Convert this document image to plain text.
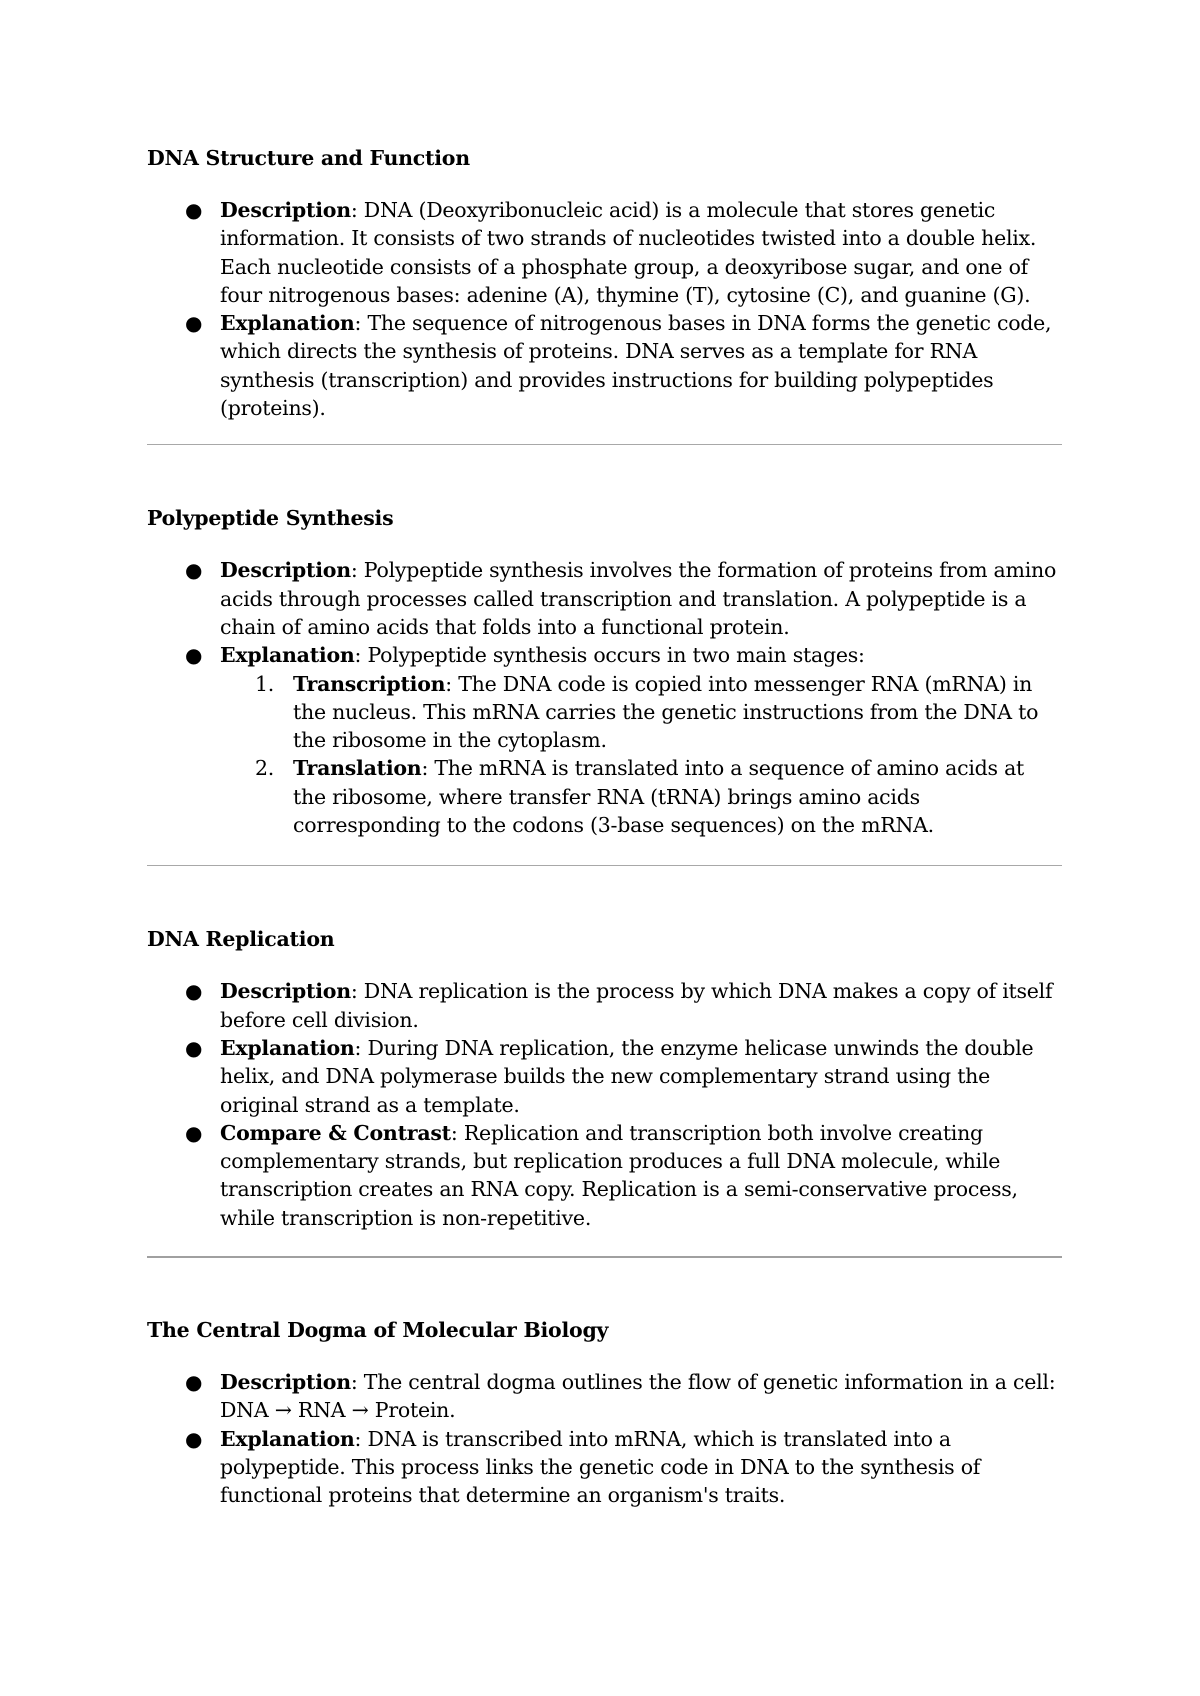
DNA Structure and Function
● Description: DNA (Deoxyribonucleic acid) is a molecule that stores genetic information. It consists of two strands of nucleotides twisted into a double helix. Each nucleotide consists of a phosphate group, a deoxyribose sugar, and one of four nitrogenous bases: adenine (A), thymine (T), cytosine (C), and guanine (G).
● Explanation: The sequence of nitrogenous bases in DNA forms the genetic code, which directs the synthesis of proteins. DNA serves as a template for RNA synthesis (transcription) and provides instructions for building polypeptides (proteins).
Polypeptide Synthesis
● Description: Polypeptide synthesis involves the formation of proteins from amino acids through processes called transcription and translation. A polypeptide is a chain of amino acids that folds into a functional protein.
● Explanation: Polypeptide synthesis occurs in two main stages:
1. Transcription: The DNA code is copied into messenger RNA (mRNA) in the nucleus. This mRNA carries the genetic instructions from the DNA to the ribosome in the cytoplasm.
2. Translation: The mRNA is translated into a sequence of amino acids at the ribosome, where transfer RNA (tRNA) brings amino acids corresponding to the codons (3-base sequences) on the mRNA.
DNA Replication
● Description: DNA replication is the process by which DNA makes a copy of itself before cell division.
● Explanation: During DNA replication, the enzyme helicase unwinds the double helix, and DNA polymerase builds the new complementary strand using the original strand as a template.
● Compare & Contrast: Replication and transcription both involve creating complementary strands, but replication produces a full DNA molecule, while transcription creates an RNA copy. Replication is a semi-conservative process, while transcription is non-repetitive.
The Central Dogma of Molecular Biology
● Description: The central dogma outlines the flow of genetic information in a cell: DNA → RNA → Protein.
● Explanation: DNA is transcribed into mRNA, which is translated into a polypeptide. This process links the genetic code in DNA to the synthesis of functional proteins that determine an organism's traits.
